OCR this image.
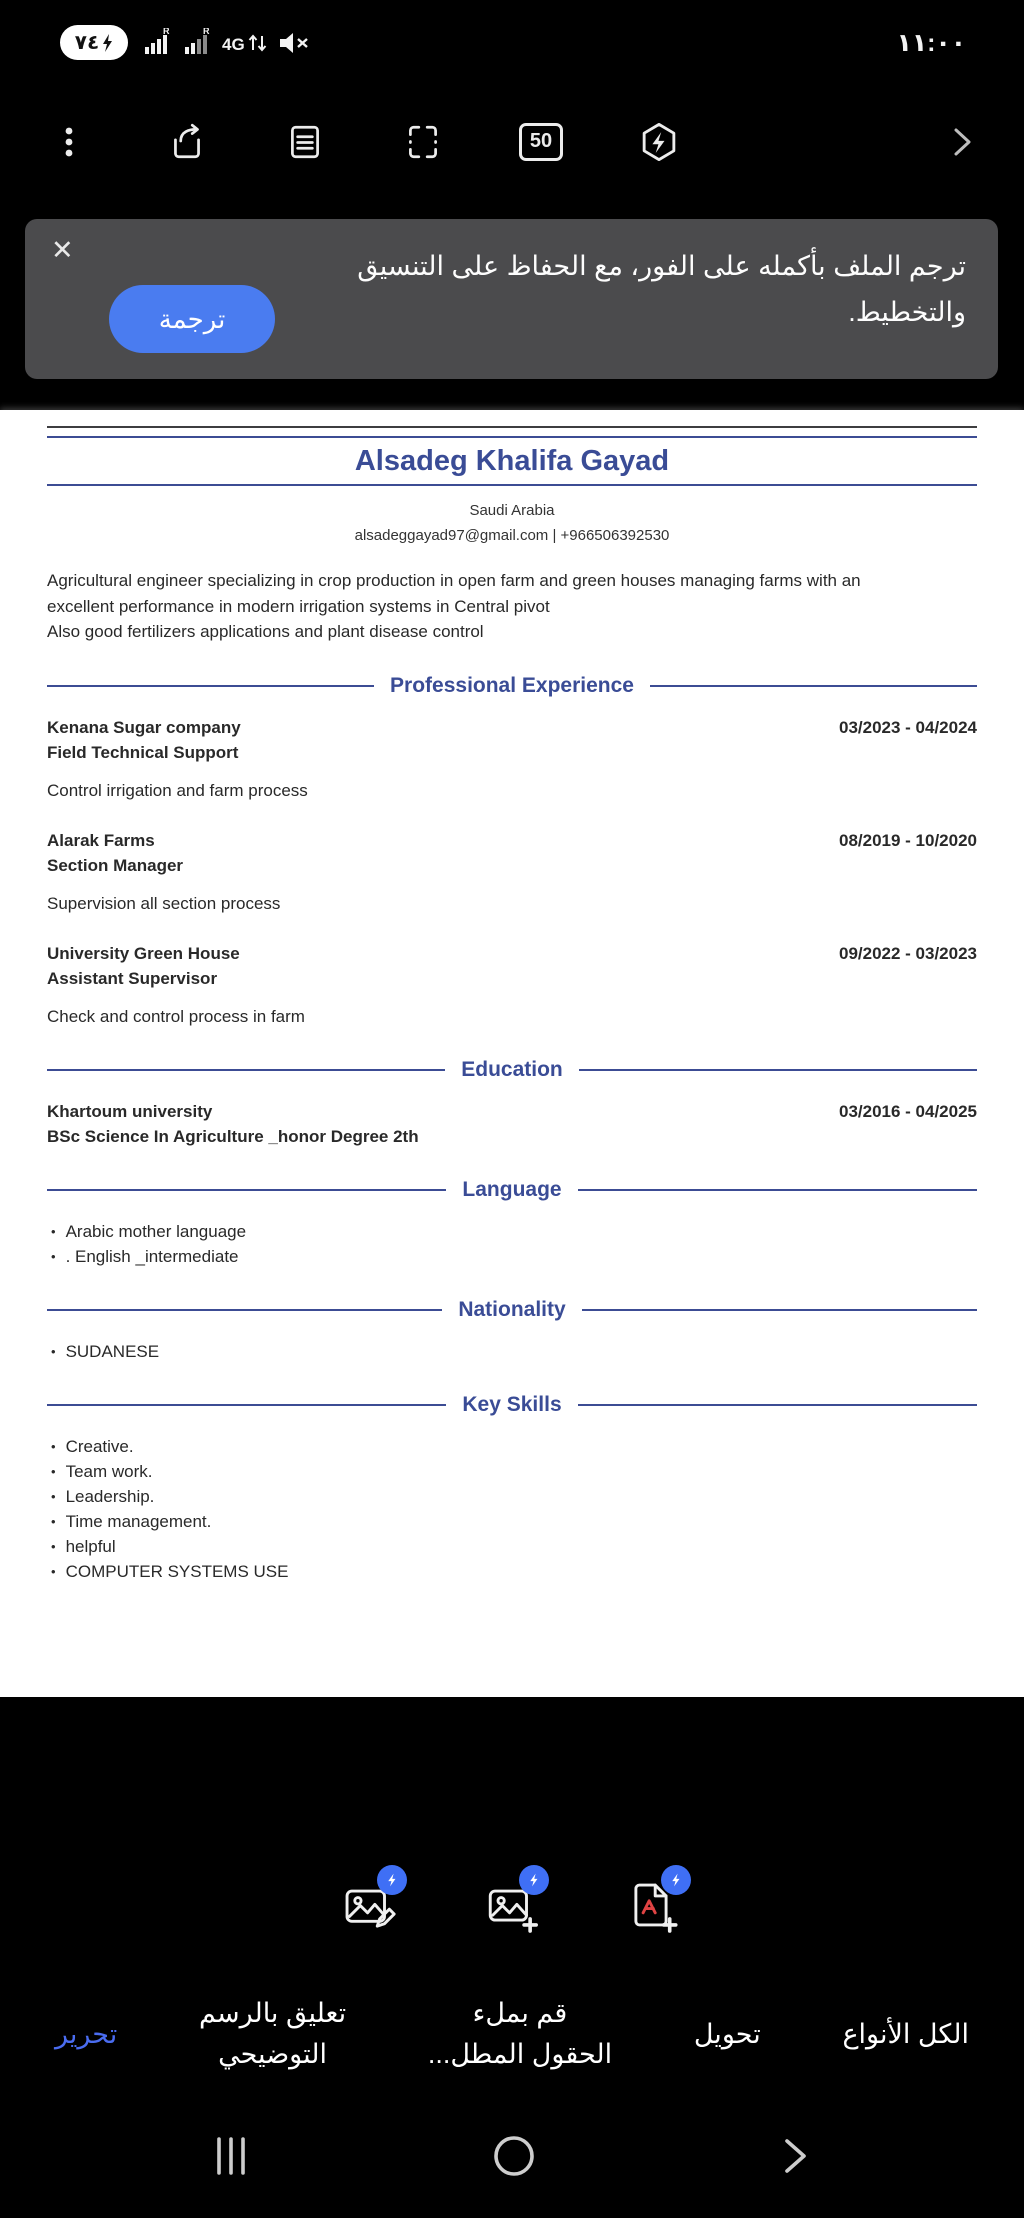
٧٤
R	R
4G	١١:٠٠
50
✕
ترجم الملف بأكمله على الفور، مع الحفاظ على التنسيق والتخطيط.
ترجمة
Alsadeg Khalifa Gayad
Saudi Arabia
alsadeggayad97@gmail.com | +966506392530
Agricultural engineer specializing in crop production in open farm and green houses managing farms with an
excellent performance in modern irrigation systems in Central pivot
Also good fertilizers applications and plant disease control
Professional Experience
Kenana Sugar company
Field Technical Support
03/2023 - 04/2024
Control irrigation and farm process
Alarak Farms
Section Manager
08/2019 - 10/2020
Supervision all section process
University Green House
Assistant Supervisor
09/2022 - 03/2023
Check and control process in farm
Education
Khartoum university
BSc Science In Agriculture _honor Degree 2th
03/2016 - 04/2025
Language
• Arabic mother language
• . English _intermediate
Nationality
• SUDANESE
Key Skills
• Creative.
• Team work.
• Leadership.
• Time management.
• helpful
• COMPUTER SYSTEMS USE
الكل الأنواع
تحويل
قم بملء
الحقول المطل...
تعليق بالرسم
التوضيحي
تحرير
